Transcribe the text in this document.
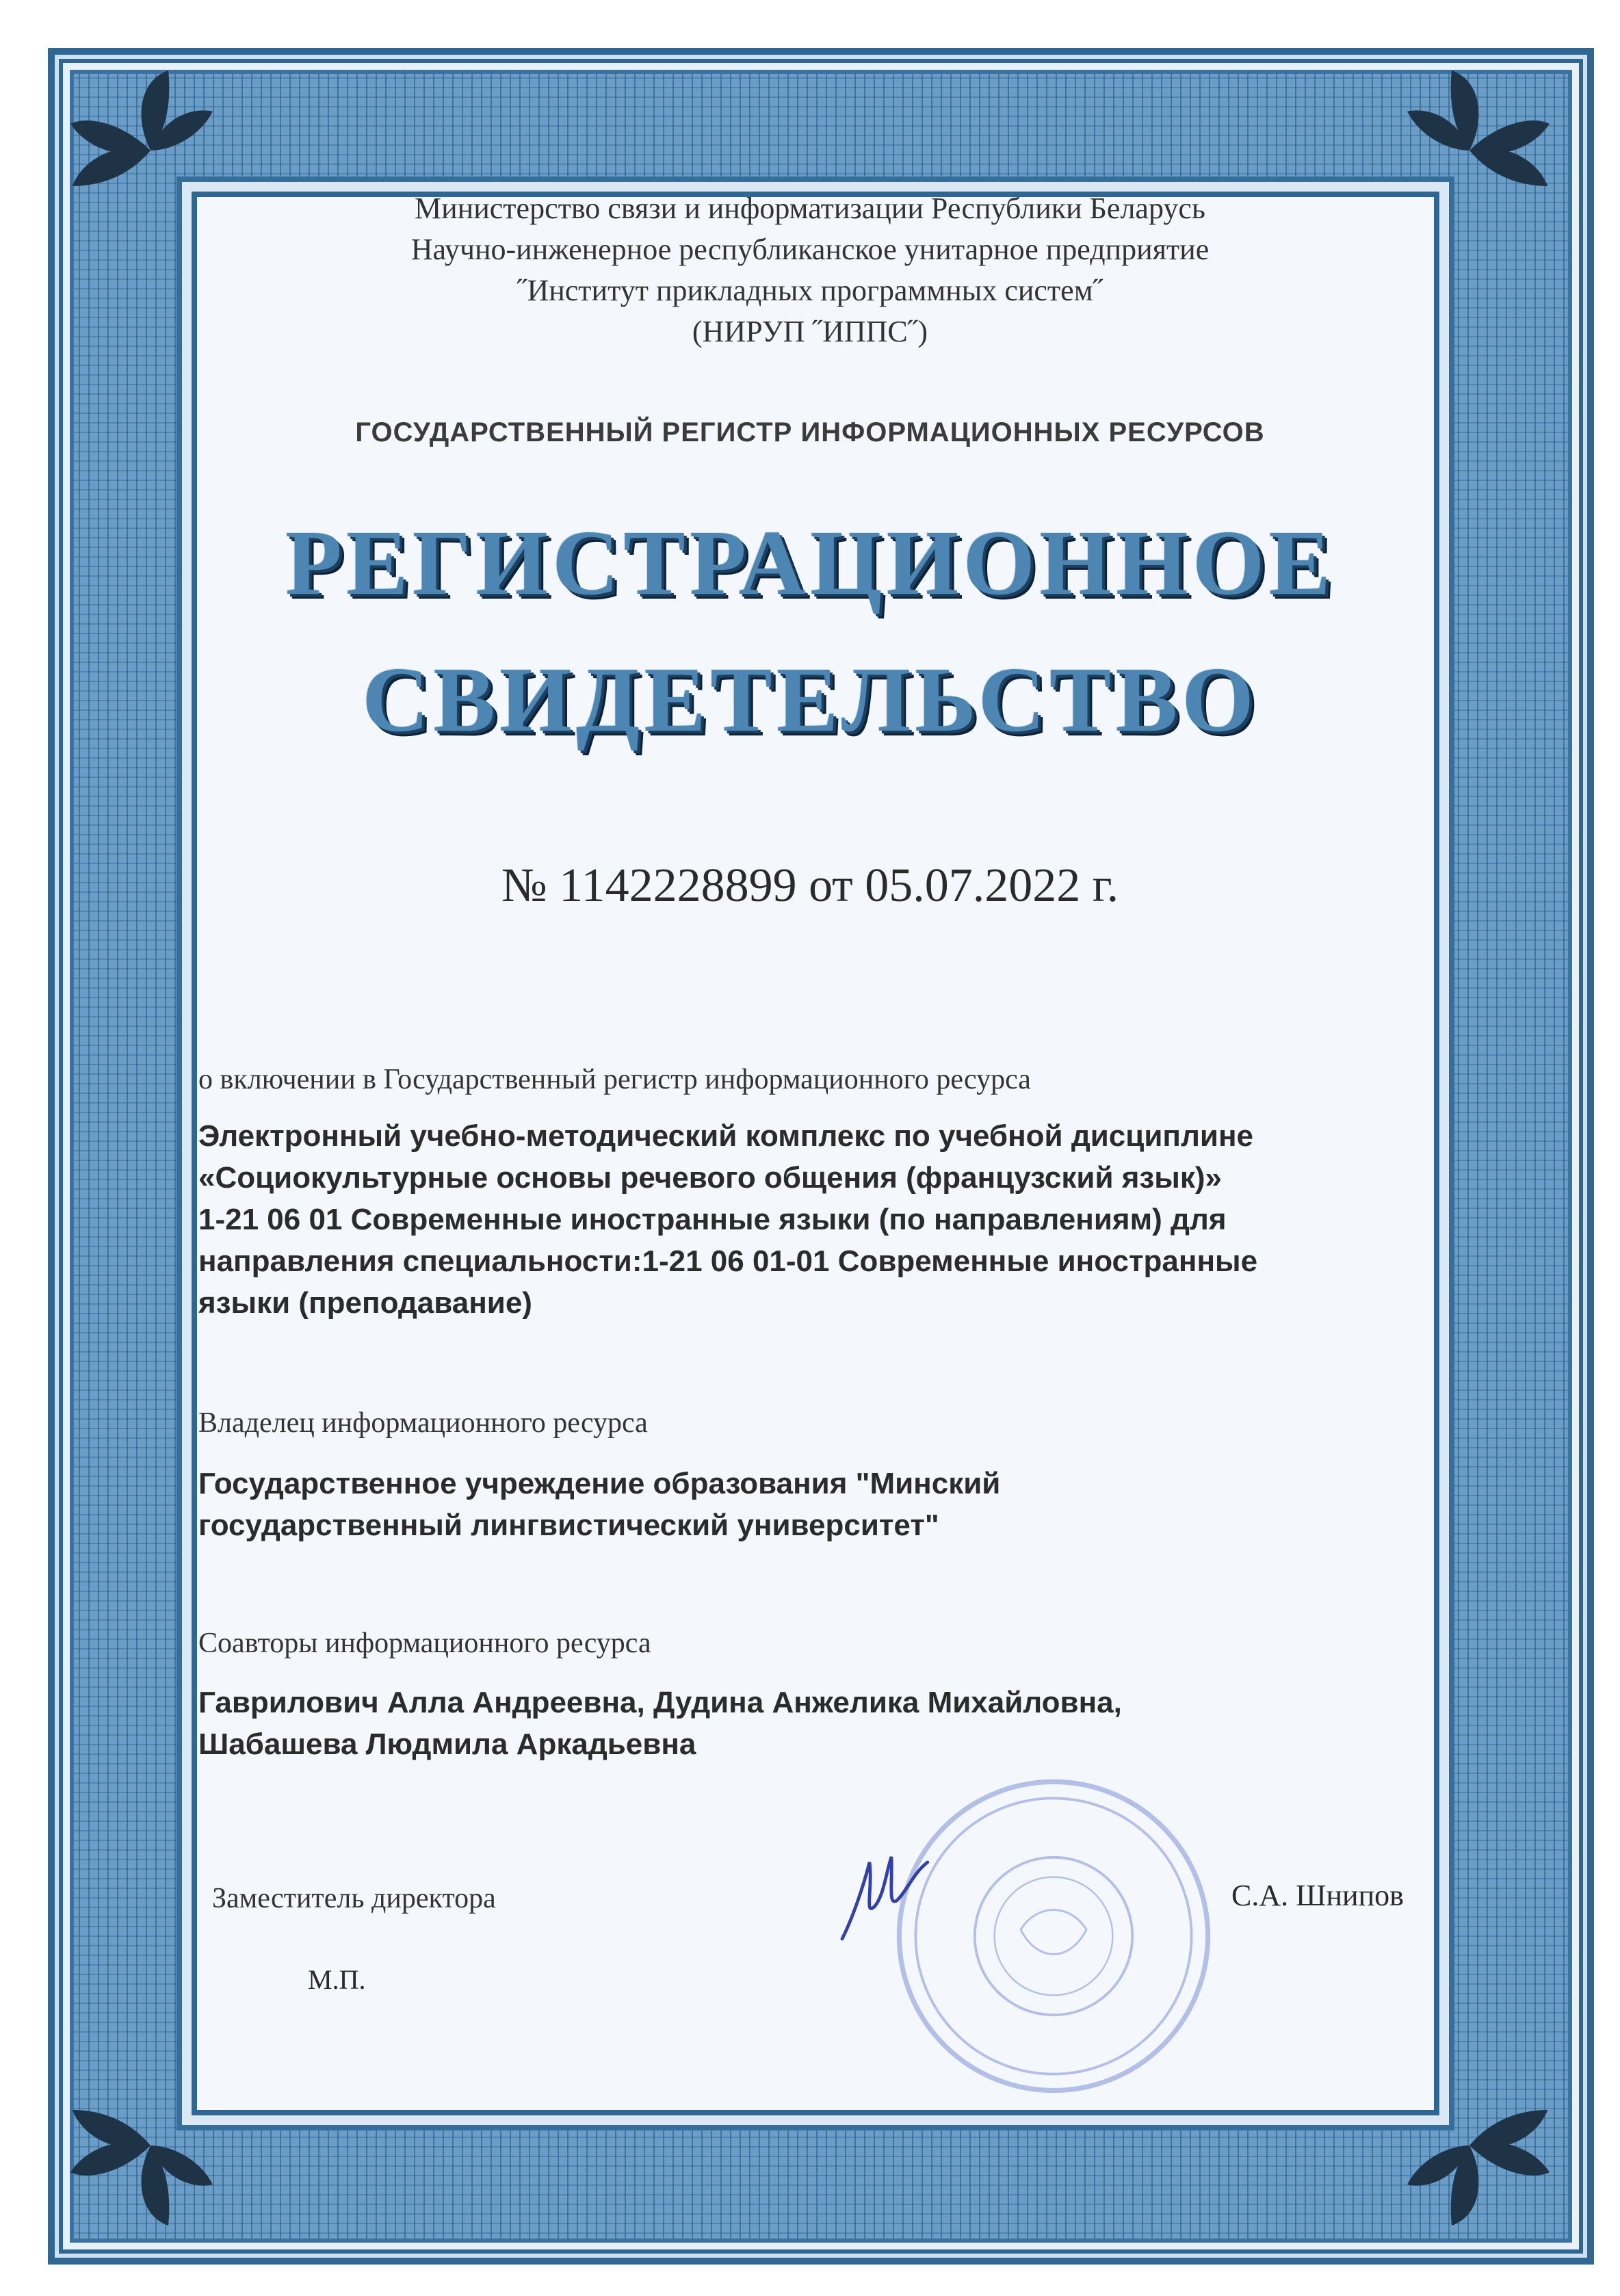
Министерство связи и информатизации Республики Беларусь
Научно-инженерное республиканское унитарное предприятие
˝Институт прикладных программных систем˝
(НИРУП ˝ИППС˝)
ГОСУДАРСТВЕННЫЙ РЕГИСТР ИНФОРМАЦИОННЫХ РЕСУРСОВ
РЕГИСТРАЦИОННОЕ
СВИДЕТЕЛЬСТВО
№ 1142228899 от 05.07.2022 г.
о включении в Государственный регистр информационного ресурса
Электронный учебно-методический комплекс по учебной дисциплине
«Социокультурные основы речевого общения (французский язык)»
1-21 06 01 Современные иностранные языки (по направлениям) для
направления специальности:1-21 06 01-01 Современные иностранные
языки (преподавание)
Владелец информационного ресурса
Государственное учреждение образования "Минский
государственный лингвистический университет"
Соавторы информационного ресурса
Гаврилович Алла Андреевна, Дудина Анжелика Михайловна,
Шабашева Людмила Аркадьевна
Заместитель директора
М.П.
С.А. Шнипов
